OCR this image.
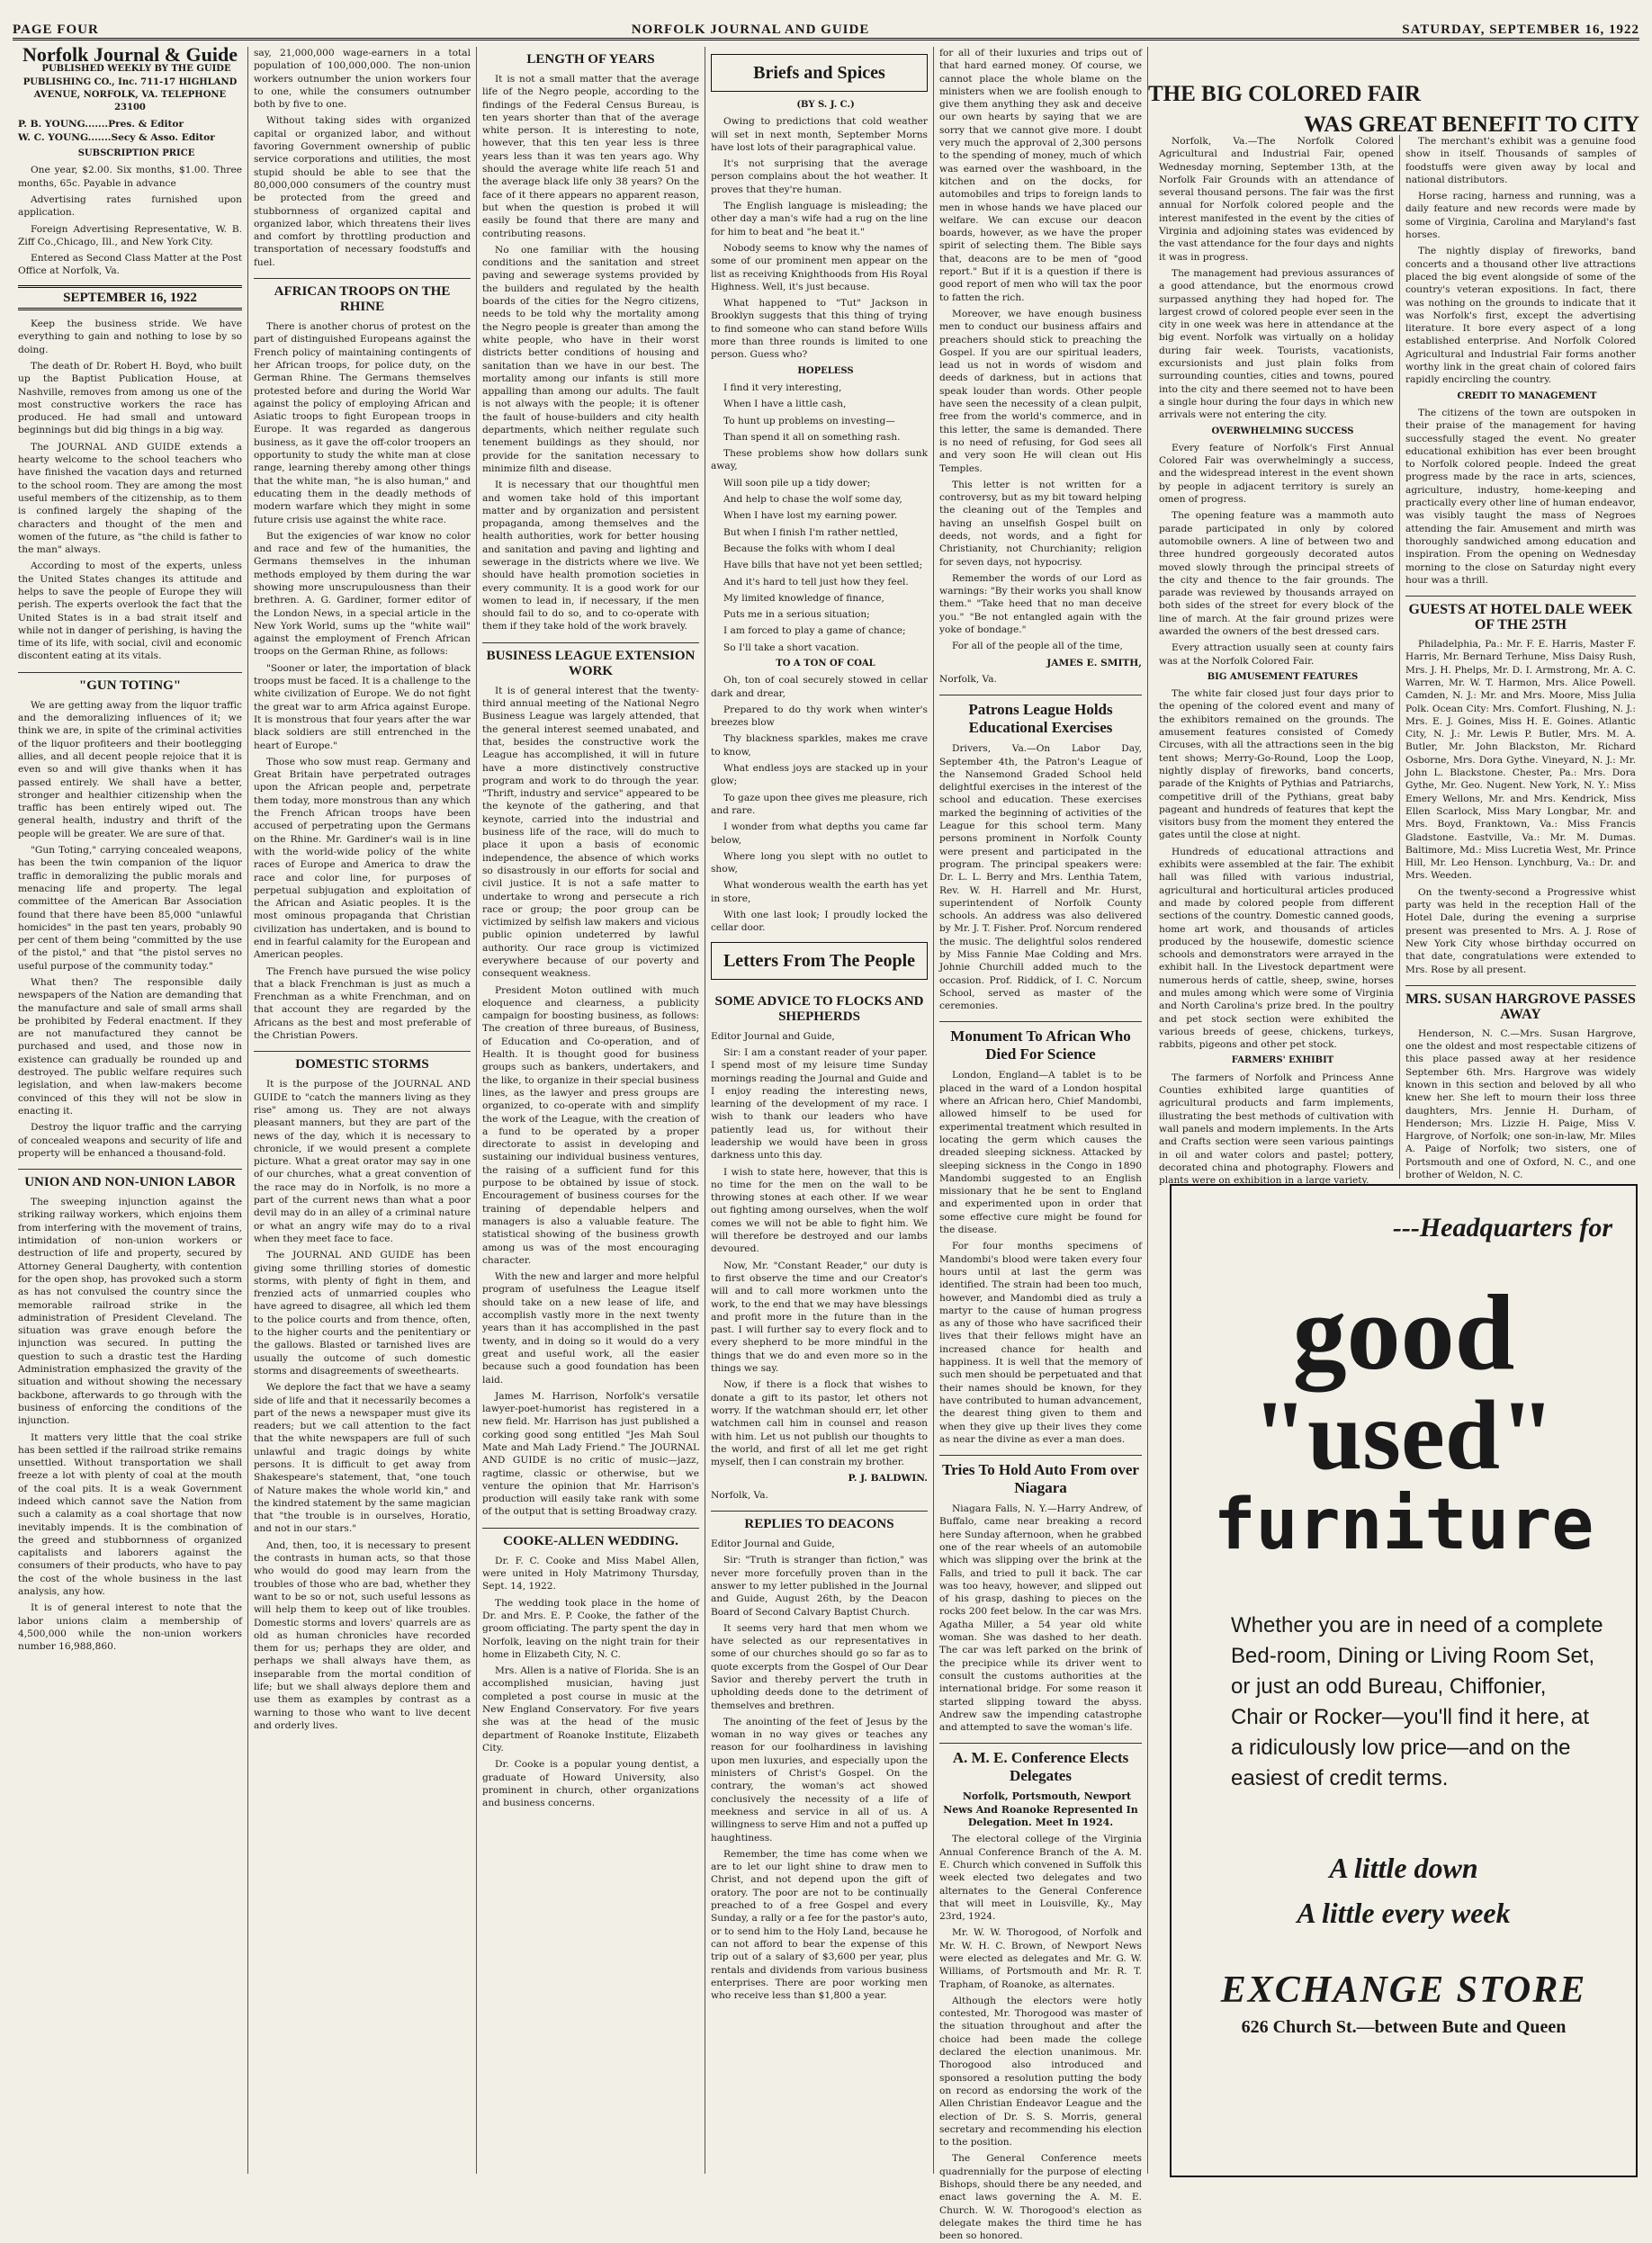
PAGE FOUR	NORFOLK JOURNAL AND GUIDE	SATURDAY, SEPTEMBER 16, 1922
Norfolk Journal & Guide

PUBLISHED WEEKLY BY THE GUIDE PUBLISHING CO., Inc. 711-17 HIGHLAND AVENUE, NORFOLK, VA. TELEPHONE 23100

P. B. YOUNG.......Pres. & Editor

W. C. YOUNG.......Secy & Asso. Editor

SUBSCRIPTION PRICE

One year, $2.00. Six months, $1.00. Three months, 65c. Payable in advance

Advertising rates furnished upon application.

Foreign Advertising Representative, W. B. Ziff Co.,Chicago, Ill., and New York City.

Entered as Second Class Matter at the Post Office at Norfolk, Va.

SEPTEMBER 16, 1922

Keep the business stride. We have everything to gain and nothing to lose by so doing.

The death of Dr. Robert H. Boyd, who built up the Baptist Publication House, at Nashville, removes from among us one of the most constructive workers the race has produced. He had small and untoward beginnings but did big things in a big way.

The JOURNAL AND GUIDE extends a hearty welcome to the school teachers who have finished the vacation days and returned to the school room. They are among the most useful members of the citizenship, as to them is confined largely the shaping of the characters and thought of the men and women of the future, as "the child is father to the man" always.

According to most of the experts, unless the United States changes its attitude and helps to save the people of Europe they will perish. The experts overlook the fact that the United States is in a bad strait itself and while not in danger of perishing, is having the time of its life, with social, civil and economic discontent eating at its vitals.

"GUN TOTING"

We are getting away from the liquor traffic and the demoralizing influences of it; we think we are, in spite of the criminal activities of the liquor profiteers and their bootlegging allies, and all decent people rejoice that it is even so and will give thanks when it has passed entirely. We shall have a better, stronger and healthier citizenship when the traffic has been entirely wiped out. The general health, industry and thrift of the people will be greater. We are sure of that.

"Gun Toting," carrying concealed weapons, has been the twin companion of the liquor traffic in demoralizing the public morals and menacing life and property. The legal committee of the American Bar Association found that there have been 85,000 "unlawful homicides" in the past ten years, probably 90 per cent of them being "committed by the use of the pistol," and that "the pistol serves no useful purpose of the community today."

What then? The responsible daily newspapers of the Nation are demanding that the manufacture and sale of small arms shall be prohibited by Federal enactment. If they are not manufactured they cannot be purchased and used, and those now in existence can gradually be rounded up and destroyed. The public welfare requires such legislation, and when law-makers become convinced of this they will not be slow in enacting it.

Destroy the liquor traffic and the carrying of concealed weapons and security of life and property will be enhanced a thousand-fold.

UNION AND NON-UNION LABOR

The sweeping injunction against the striking railway workers, which enjoins them from interfering with the movement of trains, intimidation of non-union workers or destruction of life and property, secured by Attorney General Daugherty, with contention for the open shop, has provoked such a storm as has not convulsed the country since the memorable railroad strike in the administration of President Cleveland. The situation was grave enough before the injunction was secured. In putting the question to such a drastic test the Harding Administration emphasized the gravity of the situation and without showing the necessary backbone, afterwards to go through with the business of enforcing the conditions of the injunction.

It matters very little that the coal strike has been settled if the railroad strike remains unsettled. Without transportation we shall freeze a lot with plenty of coal at the mouth of the coal pits. It is a weak Government indeed which cannot save the Nation from such a calamity as a coal shortage that now inevitably impends. It is the combination of the greed and stubbornness of organized capitalists and laborers against the consumers of their products, who have to pay the cost of the whole business in the last analysis, any how.

It is of general interest to note that the labor unions claim a membership of 4,500,000 while the non-union workers number 16,988,860.

say, 21,000,000 wage-earners in a total population of 100,000,000. The non-union workers outnumber the union workers four to one, while the consumers outnumber both by five to one.

Without taking sides with organized capital or organized labor, and without favoring Government ownership of public service corporations and utilities, the most stupid should be able to see that the 80,000,000 consumers of the country must be protected from the greed and stubbornness of organized capital and organized labor, which threatens their lives and comfort by throttling production and transportation of necessary foodstuffs and fuel.

AFRICAN TROOPS ON THE RHINE

There is another chorus of protest on the part of distinguished Europeans against the French policy of maintaining contingents of her African troops, for police duty, on the German Rhine. The Germans themselves protested before and during the World War against the policy of employing African and Asiatic troops to fight European troops in Europe. It was regarded as dangerous business, as it gave the off-color troopers an opportunity to study the white man at close range, learning thereby among other things that the white man, "he is also human," and educating them in the deadly methods of modern warfare which they might in some future crisis use against the white race.

But the exigencies of war know no color and race and few of the humanities, the Germans themselves in the inhuman methods employed by them during the war showing more unscrupulousness than their brethren. A. G. Gardiner, former editor of the London News, in a special article in the New York World, sums up the "white wail" against the employment of French African troops on the German Rhine, as follows:

"Sooner or later, the importation of black troops must be faced. It is a challenge to the white civilization of Europe. We do not fight the great war to arm Africa against Europe. It is monstrous that four years after the war black soldiers are still entrenched in the heart of Europe."

Those who sow must reap. Germany and Great Britain have perpetrated outrages upon the African people and, perpetrate them today, more monstrous than any which the French African troops have been accused of perpetrating upon the Germans on the Rhine. Mr. Gardiner's wail is in line with the world-wide policy of the white races of Europe and America to draw the race and color line, for purposes of perpetual subjugation and exploitation of the African and Asiatic peoples. It is the most ominous propaganda that Christian civilization has undertaken, and is bound to end in fearful calamity for the European and American peoples.

The French have pursued the wise policy that a black Frenchman is just as much a Frenchman as a white Frenchman, and on that account they are regarded by the Africans as the best and most preferable of the Christian Powers.

DOMESTIC STORMS

It is the purpose of the JOURNAL AND GUIDE to "catch the manners living as they rise" among us. They are not always pleasant manners, but they are part of the news of the day, which it is necessary to chronicle, if we would present a complete picture. What a great orator may say in one of our churches, what a great convention of the race may do in Norfolk, is no more a part of the current news than what a poor devil may do in an alley of a criminal nature or what an angry wife may do to a rival when they meet face to face.

The JOURNAL AND GUIDE has been giving some thrilling stories of domestic storms, with plenty of fight in them, and frenzied acts of unmarried couples who have agreed to disagree, all which led them to the police courts and from thence, often, to the higher courts and the penitentiary or the gallows. Blasted or tarnished lives are usually the outcome of such domestic storms and disagreements of sweethearts.

We deplore the fact that we have a seamy side of life and that it necessarily becomes a part of the news a newspaper must give its readers; but we call attention to the fact that the white newspapers are full of such unlawful and tragic doings by white persons. It is difficult to get away from Shakespeare's statement, that, "one touch of Nature makes the whole world kin," and the kindred statement by the same magician that "the trouble is in ourselves, Horatio, and not in our stars."

And, then, too, it is necessary to present the contrasts in human acts, so that those who would do good may learn from the troubles of those who are bad, whether they want to be so or not, such useful lessons as will help them to keep out of like troubles. Domestic storms and lovers' quarrels are as old as human chronicles have recorded them for us; perhaps they are older, and perhaps we shall always have them, as inseparable from the mortal condition of life; but we shall always deplore them and use them as examples by contrast as a warning to those who want to live decent and orderly lives.

LENGTH OF YEARS

It is not a small matter that the average life of the Negro people, according to the findings of the Federal Census Bureau, is ten years shorter than that of the average white person. It is interesting to note, however, that this ten year less is three years less than it was ten years ago. Why should the average white life reach 51 and the average black life only 38 years? On the face of it there appears no apparent reason, but when the question is probed it will easily be found that there are many and contributing reasons.

No one familiar with the housing conditions and the sanitation and street paving and sewerage systems provided by the builders and regulated by the health boards of the cities for the Negro citizens, needs to be told why the mortality among the Negro people is greater than among the white people, who have in their worst districts better conditions of housing and sanitation than we have in our best. The mortality among our infants is still more appalling than among our adults. The fault is not always with the people; it is oftener the fault of house-builders and city health departments, which neither regulate such tenement buildings as they should, nor provide for the sanitation necessary to minimize filth and disease.

It is necessary that our thoughtful men and women take hold of this important matter and by organization and persistent propaganda, among themselves and the health authorities, work for better housing and sanitation and paving and lighting and sewerage in the districts where we live. We should have health promotion societies in every community. It is a good work for our women to lead in, if necessary, if the men should fail to do so, and to co-operate with them if they take hold of the work bravely.

BUSINESS LEAGUE EXTENSION WORK

It is of general interest that the twenty-third annual meeting of the National Negro Business League was largely attended, that the general interest seemed unabated, and that, besides the constructive work the League has accomplished, it will in future have a more distinctively constructive program and work to do through the year. "Thrift, industry and service" appeared to be the keynote of the gathering, and that keynote, carried into the industrial and business life of the race, will do much to place it upon a basis of economic independence, the absence of which works so disastrously in our efforts for social and civil justice. It is not a safe matter to undertake to wrong and persecute a rich race or group; the poor group can be victimized by selfish law makers and vicious public opinion undeterred by lawful authority. Our race group is victimized everywhere because of our poverty and consequent weakness.

President Moton outlined with much eloquence and clearness, a publicity campaign for boosting business, as follows: The creation of three bureaus, of Business, of Education and Co-operation, and of Health. It is thought good for business groups such as bankers, undertakers, and the like, to organize in their special business lines, as the lawyer and press groups are organized, to co-operate with and simplify the work of the League, with the creation of a fund to be operated by a proper directorate to assist in developing and sustaining our individual business ventures, the raising of a sufficient fund for this purpose to be obtained by issue of stock. Encouragement of business courses for the training of dependable helpers and managers is also a valuable feature. The statistical showing of the business growth among us was of the most encouraging character.

With the new and larger and more helpful program of usefulness the League itself should take on a new lease of life, and accomplish vastly more in the next twenty years than it has accomplished in the past twenty, and in doing so it would do a very great and useful work, all the easier because such a good foundation has been laid.

James M. Harrison, Norfolk's versatile lawyer-poet-humorist has registered in a new field. Mr. Harrison has just published a corking good song entitled "Jes Mah Soul Mate and Mah Lady Friend." The JOURNAL AND GUIDE is no critic of music—jazz, ragtime, classic or otherwise, but we venture the opinion that Mr. Harrison's production will easily take rank with some of the output that is setting Broadway crazy.

COOKE-ALLEN WEDDING.

Dr. F. C. Cooke and Miss Mabel Allen, were united in Holy Matrimony Thursday, Sept. 14, 1922.

The wedding took place in the home of Dr. and Mrs. E. P. Cooke, the father of the groom officiating. The party spent the day in Norfolk, leaving on the night train for their home in Elizabeth City, N. C.

Mrs. Allen is a native of Florida. She is an accomplished musician, having just completed a post course in music at the New England Conservatory. For five years she was at the head of the music department of Roanoke Institute, Elizabeth City.

Dr. Cooke is a popular young dentist, a graduate of Howard University, also prominent in church, other organizations and business concerns.

Briefs and Spices

(BY S. J. C.)

Owing to predictions that cold weather will set in next month, September Morns have lost lots of their paragraphical value.

It's not surprising that the average person complains about the hot weather. It proves that they're human.

The English language is misleading; the other day a man's wife had a rug on the line for him to beat and "he beat it."

Nobody seems to know why the names of some of our prominent men appear on the list as receiving Knighthoods from His Royal Highness. Well, it's just because.

What happened to "Tut" Jackson in Brooklyn suggests that this thing of trying to find someone who can stand before Wills more than three rounds is limited to one person. Guess who?

HOPELESS

I find it very interesting,

When I have a little cash,

To hunt up problems on investing—

Than spend it all on something rash.

These problems show how dollars sunk away,

Will soon pile up a tidy dower;

And help to chase the wolf some day,

When I have lost my earning power.

But when I finish I'm rather nettled,

Because the folks with whom I deal

Have bills that have not yet been settled;

And it's hard to tell just how they feel.

My limited knowledge of finance,

Puts me in a serious situation;

I am forced to play a game of chance;

So I'll take a short vacation.

TO A TON OF COAL

Oh, ton of coal securely stowed in cellar dark and drear,

Prepared to do thy work when winter's breezes blow

Thy blackness sparkles, makes me crave to know,

What endless joys are stacked up in your glow;

To gaze upon thee gives me pleasure, rich and rare.

I wonder from what depths you came far below,

Where long you slept with no outlet to show,

What wonderous wealth the earth has yet in store,

With one last look; I proudly locked the cellar door.

Letters From The People
SOME ADVICE TO FLOCKS AND SHEPHERDS

Editor Journal and Guide,

Sir: I am a constant reader of your paper. I spend most of my leisure time Sunday mornings reading the Journal and Guide and I enjoy reading the interesting news, learning of the development of my race. I wish to thank our leaders who have patiently lead us, for without their leadership we would have been in gross darkness unto this day.

I wish to state here, however, that this is no time for the men on the wall to be throwing stones at each other. If we wear out fighting among ourselves, when the wolf comes we will not be able to fight him. We will therefore be destroyed and our lambs devoured.

Now, Mr. "Constant Reader," our duty is to first observe the time and our Creator's will and to call more workmen unto the work, to the end that we may have blessings and profit more in the future than in the past. I will further say to every flock and to every shepherd to be more mindful in the things that we do and even more so in the things we say.

Now, if there is a flock that wishes to donate a gift to its pastor, let others not worry. If the watchman should err, let other watchmen call him in counsel and reason with him. Let us not publish our thoughts to the world, and first of all let me get right myself, then I can constrain my brother.

P. J. BALDWIN.

Norfolk, Va.

REPLIES TO DEACONS

Editor Journal and Guide,

Sir: "Truth is stranger than fiction," was never more forcefully proven than in the answer to my letter published in the Journal and Guide, August 26th, by the Deacon Board of Second Calvary Baptist Church.

It seems very hard that men whom we have selected as our representatives in some of our churches should go so far as to quote excerpts from the Gospel of Our Dear Savior and thereby pervert the truth in upholding deeds done to the detriment of themselves and brethren.

The anointing of the feet of Jesus by the woman in no way gives or teaches any reason for our foolhardiness in lavishing upon men luxuries, and especially upon the ministers of Christ's Gospel. On the contrary, the woman's act showed conclusively the necessity of a life of meekness and service in all of us. A willingness to serve Him and not a puffed up haughtiness.

Remember, the time has come when we are to let our light shine to draw men to Christ, and not depend upon the gift of oratory. The poor are not to be continually preached to of a free Gospel and every Sunday, a rally or a fee for the pastor's auto, or to send him to the Holy Land, because he can not afford to bear the expense of this trip out of a salary of $3,600 per year, plus rentals and dividends from various business enterprises. There are poor working men who receive less than $1,800 a year.

for all of their luxuries and trips out of that hard earned money. Of course, we cannot place the whole blame on the ministers when we are foolish enough to give them anything they ask and deceive our own hearts by saying that we are sorry that we cannot give more. I doubt very much the approval of 2,300 persons to the spending of money, much of which was earned over the washboard, in the kitchen and on the docks, for automobiles and trips to foreign lands to men in whose hands we have placed our welfare. We can excuse our deacon boards, however, as we have the proper spirit of selecting them. The Bible says that, deacons are to be men of "good report." But if it is a question if there is good report of men who will tax the poor to fatten the rich.

Moreover, we have enough business men to conduct our business affairs and preachers should stick to preaching the Gospel. If you are our spiritual leaders, lead us not in words of wisdom and deeds of darkness, but in actions that speak louder than words. Other people have seen the necessity of a clean pulpit, free from the world's commerce, and in this letter, the same is demanded. There is no need of refusing, for God sees all and very soon He will clean out His Temples.

This letter is not written for a controversy, but as my bit toward helping the cleaning out of the Temples and having an unselfish Gospel built on deeds, not words, and a fight for Christianity, not Churchianity; religion for seven days, not hypocrisy.

Remember the words of our Lord as warnings: "By their works you shall know them." "Take heed that no man deceive you." "Be not entangled again with the yoke of bondage."

For all of the people all of the time,

JAMES E. SMITH,

Norfolk, Va.

Patrons League Holds Educational Exercises

Drivers, Va.—On Labor Day, September 4th, the Patron's League of the Nansemond Graded School held delightful exercises in the interest of the school and education. These exercises marked the beginning of activities of the League for this school term. Many persons prominent in Norfolk County were present and participated in the program. The principal speakers were: Dr. L. L. Berry and Mrs. Lenthia Tatem, Rev. W. H. Harrell and Mr. Hurst, superintendent of Norfolk County schools. An address was also delivered by Mr. J. T. Fisher. Prof. Norcum rendered the music. The delightful solos rendered by Miss Fannie Mae Colding and Mrs. Johnie Churchill added much to the occasion. Prof. Riddick, of I. C. Norcum School, served as master of the ceremonies.

Monument To African Who Died For Science

London, England—A tablet is to be placed in the ward of a London hospital where an African hero, Chief Mandombi, allowed himself to be used for experimental treatment which resulted in locating the germ which causes the dreaded sleeping sickness. Attacked by sleeping sickness in the Congo in 1890 Mandombi suggested to an English missionary that he be sent to England and experimented upon in order that some effective cure might be found for the disease.

For four months specimens of Mandombi's blood were taken every four hours until at last the germ was identified. The strain had been too much, however, and Mandombi died as truly a martyr to the cause of human progress as any of those who have sacrificed their lives that their fellows might have an increased chance for health and happiness. It is well that the memory of such men should be perpetuated and that their names should be known, for they have contributed to human advancement, the dearest thing given to them and when they give up their lives they come as near the divine as ever a man does.

Tries To Hold Auto From over Niagara

Niagara Falls, N. Y.—Harry Andrew, of Buffalo, came near breaking a record here Sunday afternoon, when he grabbed one of the rear wheels of an automobile which was slipping over the brink at the Falls, and tried to pull it back. The car was too heavy, however, and slipped out of his grasp, dashing to pieces on the rocks 200 feet below. In the car was Mrs. Agatha Miller, a 54 year old white woman. She was dashed to her death. The car was left parked on the brink of the precipice while its driver went to consult the customs authorities at the international bridge. For some reason it started slipping toward the abyss. Andrew saw the impending catastrophe and attempted to save the woman's life.

A. M. E. Conference Elects Delegates

Norfolk, Portsmouth, Newport News And Roanoke Represented In Delegation. Meet In 1924.

The electoral college of the Virginia Annual Conference Branch of the A. M. E. Church which convened in Suffolk this week elected two delegates and two alternates to the General Conference that will meet in Louisville, Ky., May 23rd, 1924.

Mr. W. W. Thorogood, of Norfolk and Mr. W. H. C. Brown, of Newport News were elected as delegates and Mr. G. W. Williams, of Portsmouth and Mr. R. T. Trapham, of Roanoke, as alternates.

Although the electors were hotly contested, Mr. Thorogood was master of the situation throughout and after the choice had been made the college declared the election unanimous. Mr. Thorogood also introduced and sponsored a resolution putting the body on record as endorsing the work of the Allen Christian Endeavor League and the election of Dr. S. S. Morris, general secretary and recommending his election to the position.

The General Conference meets quadrennially for the purpose of electing Bishops, should there be any needed, and enact laws governing the A. M. E. Church. W. W. Thorogood's election as delegate makes the third time he has been so honored.

THE BIG COLORED FAIR
WAS GREAT BENEFIT TO CITY

Norfolk, Va.—The Norfolk Colored Agricultural and Industrial Fair, opened Wednesday morning, September 13th, at the Norfolk Fair Grounds with an attendance of several thousand persons. The fair was the first annual for Norfolk colored people and the interest manifested in the event by the cities of Virginia and adjoining states was evidenced by the vast attendance for the four days and nights it was in progress.

The management had previous assurances of a good attendance, but the enormous crowd surpassed anything they had hoped for. The largest crowd of colored people ever seen in the city in one week was here in attendance at the big event. Norfolk was virtually on a holiday during fair week. Tourists, vacationists, excursionists and just plain folks from surrounding counties, cities and towns, poured into the city and there seemed not to have been a single hour during the four days in which new arrivals were not entering the city.

OVERWHELMING SUCCESS

Every feature of Norfolk's First Annual Colored Fair was overwhelmingly a success, and the widespread interest in the event shown by people in adjacent territory is surely an omen of progress.

The opening feature was a mammoth auto parade participated in only by colored automobile owners. A line of between two and three hundred gorgeously decorated autos moved slowly through the principal streets of the city and thence to the fair grounds. The parade was reviewed by thousands arrayed on both sides of the street for every block of the line of march. At the fair ground prizes were awarded the owners of the best dressed cars.

Every attraction usually seen at county fairs was at the Norfolk Colored Fair.

BIG AMUSEMENT FEATURES

The white fair closed just four days prior to the opening of the colored event and many of the exhibitors remained on the grounds. The amusement features consisted of Comedy Circuses, with all the attractions seen in the big tent shows; Merry-Go-Round, Loop the Loop, nightly display of fireworks, band concerts, parade of the Knights of Pythias and Patriarchs, competitive drill of the Pythians, great baby pageant and hundreds of features that kept the visitors busy from the moment they entered the gates until the close at night.

Hundreds of educational attractions and exhibits were assembled at the fair. The exhibit hall was filled with various industrial, agricultural and horticultural articles produced and made by colored people from different sections of the country. Domestic canned goods, home art work, and thousands of articles produced by the housewife, domestic science schools and demonstrators were arrayed in the exhibit hall. In the Livestock department were numerous herds of cattle, sheep, swine, horses and mules among which were some of Virginia and North Carolina's prize bred. In the poultry and pet stock section were exhibited the various breeds of geese, chickens, turkeys, rabbits, pigeons and other pet stock.

FARMERS' EXHIBIT

The farmers of Norfolk and Princess Anne Counties exhibited large quantities of agricultural products and farm implements, illustrating the best methods of cultivation with wall panels and modern implements. In the Arts and Crafts section were seen various paintings in oil and water colors and pastel; pottery, decorated china and photography. Flowers and plants were on exhibition in a large variety.

The merchant's exhibit was a genuine food show in itself. Thousands of samples of foodstuffs were given away by local and national distributors.

Horse racing, harness and running, was a daily feature and new records were made by some of Virginia, Carolina and Maryland's fast horses.

The nightly display of fireworks, band concerts and a thousand other live attractions placed the big event alongside of some of the country's veteran expositions. In fact, there was nothing on the grounds to indicate that it was Norfolk's first, except the advertising literature. It bore every aspect of a long established enterprise. And Norfolk Colored Agricultural and Industrial Fair forms another worthy link in the great chain of colored fairs rapidly encircling the country.

CREDIT TO MANAGEMENT

The citizens of the town are outspoken in their praise of the management for having successfully staged the event. No greater educational exhibition has ever been brought to Norfolk colored people. Indeed the great progress made by the race in arts, sciences, agriculture, industry, home-keeping and practically every other line of human endeavor, was visibly taught the mass of Negroes attending the fair. Amusement and mirth was thoroughly sandwiched among education and inspiration. From the opening on Wednesday morning to the close on Saturday night every hour was a thrill.

GUESTS AT HOTEL DALE WEEK OF THE 25TH

Philadelphia, Pa.: Mr. F. E. Harris, Master F. Harris, Mr. Bernard Terhune, Miss Daisy Rush, Mrs. J. H. Phelps, Mr. D. I. Armstrong, Mr. A. C. Warren, Mr. W. T. Harmon, Mrs. Alice Powell. Camden, N. J.: Mr. and Mrs. Moore, Miss Julia Polk. Ocean City: Mrs. Comfort. Flushing, N. J.: Mrs. E. J. Goines, Miss H. E. Goines. Atlantic City, N. J.: Mr. Lewis P. Butler, Mrs. M. A. Butler, Mr. John Blackston, Mr. Richard Osborne, Mrs. Dora Gythe. Vineyard, N. J.: Mr. John L. Blackstone. Chester, Pa.: Mrs. Dora Gythe, Mr. Geo. Nugent. New York, N. Y.: Miss Emery Wellons, Mr. and Mrs. Kendrick, Miss Ellen Scarlock, Miss Mary Longbar, Mr. and Mrs. Boyd, Franktown, Va.: Miss Francis Gladstone. Eastville, Va.: Mr. M. Dumas. Baltimore, Md.: Miss Lucretia West, Mr. Prince Hill, Mr. Leo Henson. Lynchburg, Va.: Dr. and Mrs. Weeden.

On the twenty-second a Progressive whist party was held in the reception Hall of the Hotel Dale, during the evening a surprise present was presented to Mrs. A. J. Rose of New York City whose birthday occurred on that date, congratulations were extended to Mrs. Rose by all present.

MRS. SUSAN HARGROVE PASSES AWAY

Henderson, N. C.—Mrs. Susan Hargrove, one the oldest and most respectable citizens of this place passed away at her residence September 6th. Mrs. Hargrove was widely known in this section and beloved by all who knew her. She left to mourn their loss three daughters, Mrs. Jennie H. Durham, of Henderson; Mrs. Lizzie H. Paige, Miss V. Hargrove, of Norfolk; one son-in-law, Mr. Miles A. Paige of Norfolk; two sisters, one of Portsmouth and one of Oxford, N. C., and one brother of Weldon, N. C.

---Headquarters for
good
"used"
furniture
Whether you are in need of a complete Bed-room, Dining or Living Room Set, or just an odd Bureau, Chiffonier, Chair or Rocker—you'll find it here, at a ridiculously low price—and on the easiest of credit terms.
A little down
A little every week
EXCHANGE STORE
626 Church St.—between Bute and Queen
